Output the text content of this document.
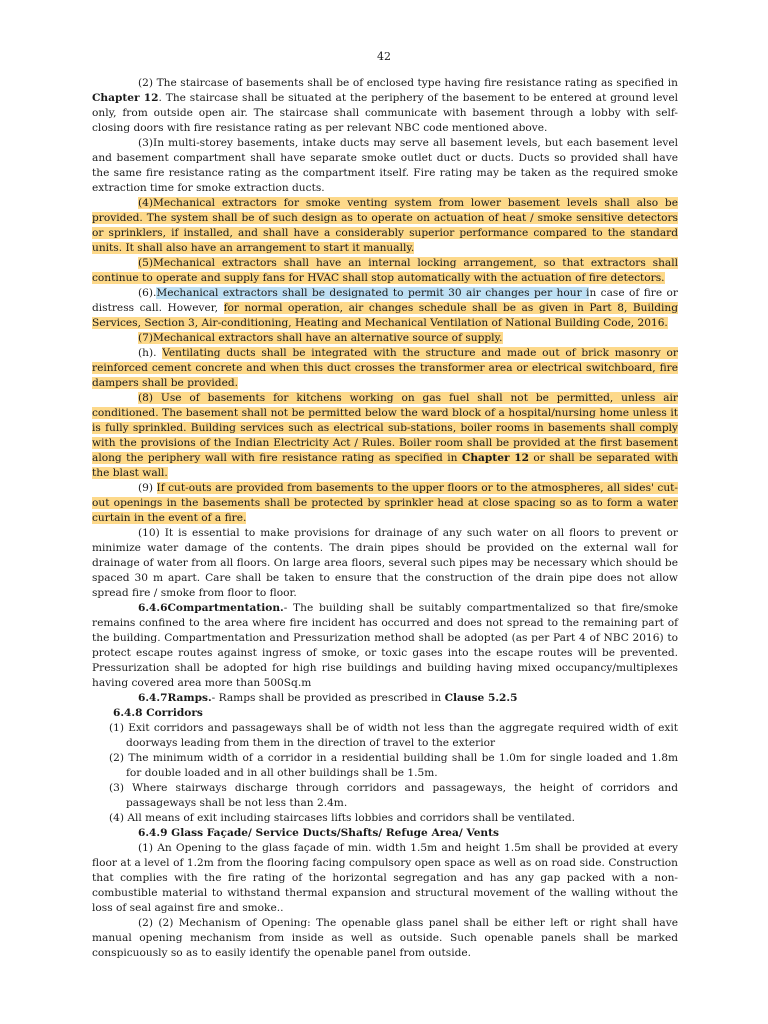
42

(2) The staircase of basements shall be of enclosed type having fire resistance rating as specified in Chapter 12. The staircase shall be situated at the periphery of the basement to be entered at ground level only, from outside open air. The staircase shall communicate with basement through a lobby with self-closing doors with fire resistance rating as per relevant NBC code mentioned above.

(3)In multi-storey basements, intake ducts may serve all basement levels, but each basement level and basement compartment shall have separate smoke outlet duct or ducts. Ducts so provided shall have the same fire resistance rating as the compartment itself. Fire rating may be taken as the required smoke extraction time for smoke extraction ducts.

(4)Mechanical extractors for smoke venting system from lower basement levels shall also be provided. The system shall be of such design as to operate on actuation of heat / smoke sensitive detectors or sprinklers, if installed, and shall have a considerably superior performance compared to the standard units. It shall also have an arrangement to start it manually.

(5)Mechanical extractors shall have an internal locking arrangement, so that extractors shall continue to operate and supply fans for HVAC shall stop automatically with the actuation of fire detectors.

(6).Mechanical extractors shall be designated to permit 30 air changes per hour in case of fire or distress call. However, for normal operation, air changes schedule shall be as given in Part 8, Building Services, Section 3, Air-conditioning, Heating and Mechanical Ventilation of National Building Code, 2016.

(7)Mechanical extractors shall have an alternative source of supply.

(h). Ventilating ducts shall be integrated with the structure and made out of brick masonry or reinforced cement concrete and when this duct crosses the transformer area or electrical switchboard, fire dampers shall be provided.

(8) Use of basements for kitchens working on gas fuel shall not be permitted, unless air conditioned. The basement shall not be permitted below the ward block of a hospital/nursing home unless it is fully sprinkled. Building services such as electrical sub-stations, boiler rooms in basements shall comply with the provisions of the Indian Electricity Act / Rules. Boiler room shall be provided at the first basement along the periphery wall with fire resistance rating as specified in Chapter 12 or shall be separated with the blast wall.

(9) If cut-outs are provided from basements to the upper floors or to the atmospheres, all sides' cut-out openings in the basements shall be protected by sprinkler head at close spacing so as to form a water curtain in the event of a fire.

(10) It is essential to make provisions for drainage of any such water on all floors to prevent or minimize water damage of the contents. The drain pipes should be provided on the external wall for drainage of water from all floors. On large area floors, several such pipes may be necessary which should be spaced 30 m apart. Care shall be taken to ensure that the construction of the drain pipe does not allow spread fire / smoke from floor to floor.

6.4.6Compartmentation.- The building shall be suitably compartmentalized so that fire/smoke remains confined to the area where fire incident has occurred and does not spread to the remaining part of the building. Compartmentation and Pressurization method shall be adopted (as per Part 4 of NBC 2016) to protect escape routes against ingress of smoke, or toxic gases into the escape routes will be prevented. Pressurization shall be adopted for high rise buildings and building having mixed occupancy/multiplexes having covered area more than 500Sq.m

6.4.7Ramps.- Ramps shall be provided as prescribed in Clause 5.2.5

6.4.8 Corridors

(1) Exit corridors and passageways shall be of width not less than the aggregate required width of exit doorways leading from them in the direction of travel to the exterior

(2) The minimum width of a corridor in a residential building shall be 1.0m for single loaded and 1.8m for double loaded and in all other buildings shall be 1.5m.

(3) Where stairways discharge through corridors and passageways, the height of corridors and passageways shall be not less than 2.4m.

(4) All means of exit including staircases lifts lobbies and corridors shall be ventilated.

6.4.9 Glass Façade/ Service Ducts/Shafts/ Refuge Area/ Vents

(1) An Opening to the glass façade of min. width 1.5m and height 1.5m shall be provided at every floor at a level of 1.2m from the flooring facing compulsory open space as well as on road side. Construction that complies with the fire rating of the horizontal segregation and has any gap packed with a non-combustible material to withstand thermal expansion and structural movement of the walling without the loss of seal against fire and smoke..

(2) (2) Mechanism of Opening: The openable glass panel shall be either left or right shall have manual opening mechanism from inside as well as outside. Such openable panels shall be marked conspicuously so as to easily identify the openable panel from outside.
